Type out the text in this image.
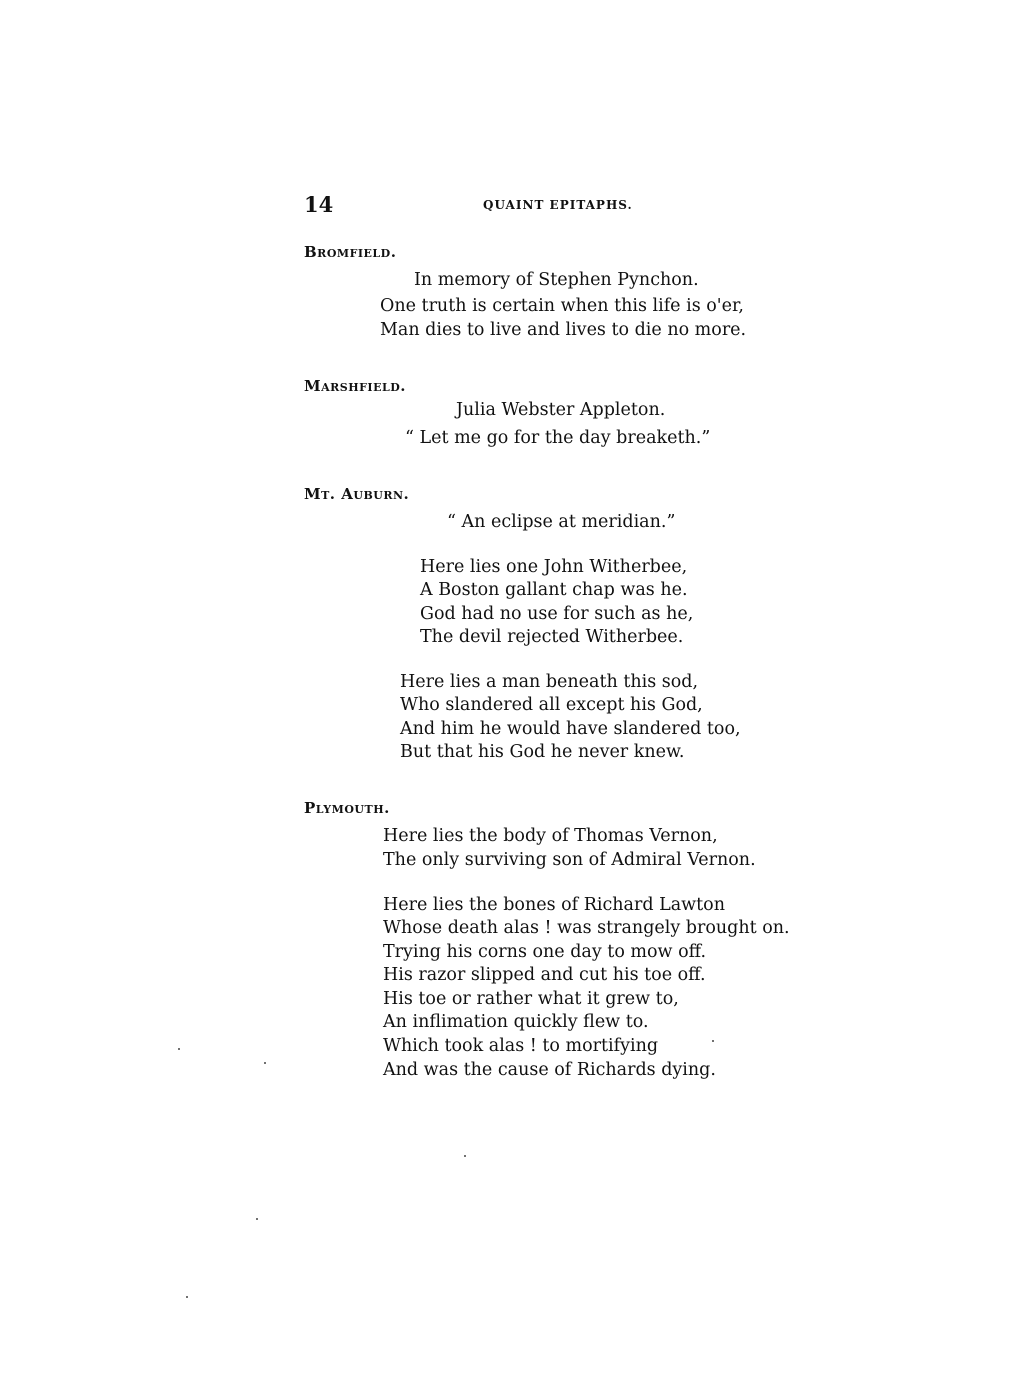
14	QUAINT EPITAPHS.
Bromfield.
In memory of Stephen Pynchon.
One truth is certain when this life is o'er,
Man dies to live and lives to die no more.
Marshfield.
Julia Webster Appleton.
“ Let me go for the day breaketh.”
Mt. Auburn.
“ An eclipse at meridian.”
Here lies one John Witherbee,
A Boston gallant chap was he.
God had no use for such as he,
The devil rejected Witherbee.
Here lies a man beneath this sod,
Who slandered all except his God,
And him he would have slandered too,
But that his God he never knew.
Plymouth.
Here lies the body of Thomas Vernon,
The only surviving son of Admiral Vernon.
Here lies the bones of Richard Lawton
Whose death alas ! was strangely brought on.
Trying his corns one day to mow off.
His razor slipped and cut his toe off.
His toe or rather what it grew to,
An inflimation quickly flew to.
Which took alas ! to mortifying
And was the cause of Richards dying.
